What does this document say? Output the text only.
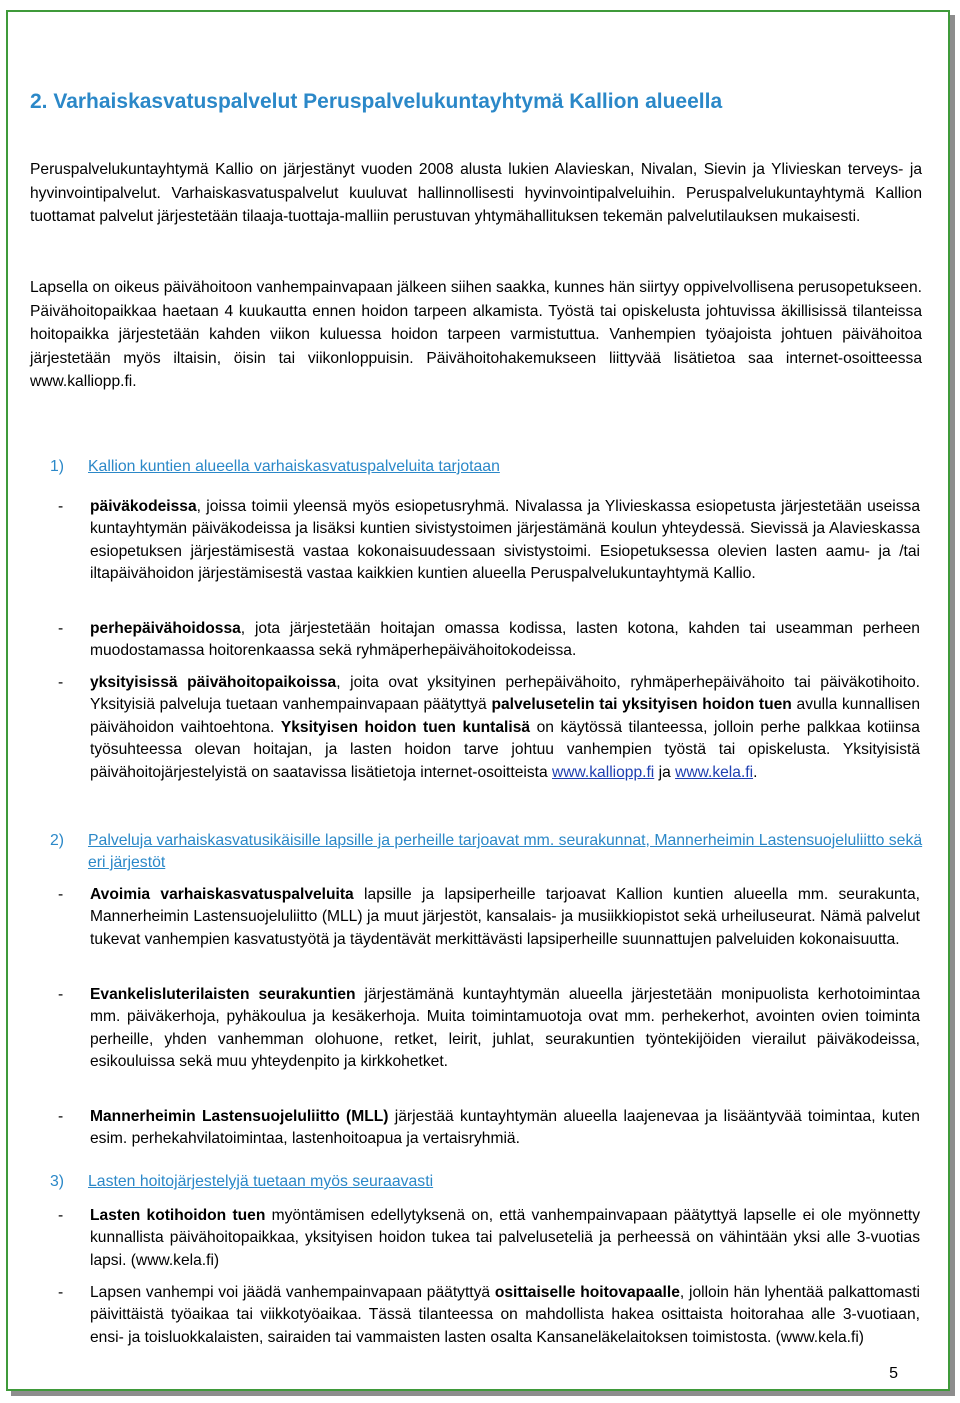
2. Varhaiskasvatuspalvelut Peruspalvelukuntayhtymä Kallion alueella

Peruspalvelukuntayhtymä Kallio on järjestänyt vuoden 2008 alusta lukien Alavieskan, Nivalan, Sievin ja Ylivieskan terveys- ja hyvinvointipalvelut. Varhaiskasvatuspalvelut kuuluvat hallinnollisesti hyvinvointipalveluihin. Peruspalvelukuntayhtymä Kallion tuottamat palvelut järjestetään tilaaja-tuottaja-malliin perustuvan yhtymähallituksen tekemän palvelutilauksen mukaisesti.

Lapsella on oikeus päivähoitoon vanhempainvapaan jälkeen siihen saakka, kunnes hän siirtyy oppivelvollisena perusopetukseen. Päivähoitopaikkaa haetaan 4 kuukautta ennen hoidon tarpeen alkamista. Työstä tai opiskelusta johtuvissa äkillisissä tilanteissa hoitopaikka järjestetään kahden viikon kuluessa hoidon tarpeen varmistuttua. Vanhempien työajoista johtuen päivähoitoa järjestetään myös iltaisin, öisin tai viikonloppuisin. Päivähoitohakemukseen liittyvää lisätietoa saa internet-osoitteessa www.kalliopp.fi.

1) Kallion kuntien alueella varhaiskasvatuspalveluita tarjotaan
- päiväkodeissa, joissa toimii yleensä myös esiopetusryhmä. Nivalassa ja Ylivieskassa esiopetusta järjestetään useissa kuntayhtymän päiväkodeissa ja lisäksi kuntien sivistystoimen järjestämänä koulun yhteydessä. Sievissä ja Alavieskassa esiopetuksen järjestämisestä vastaa kokonaisuudessaan sivistystoimi. Esiopetuksessa olevien lasten aamu- ja /tai iltapäivähoidon järjestämisestä vastaa kaikkien kuntien alueella Peruspalvelukuntayhtymä Kallio.
- perhepäivähoidossa, jota järjestetään hoitajan omassa kodissa, lasten kotona, kahden tai useamman perheen muodostamassa hoitorenkaassa sekä ryhmäperhepäivähoitokodeissa.
- yksityisissä päivähoitopaikoissa, joita ovat yksityinen perhepäivähoito, ryhmäperhepäivähoito tai päiväkotihoito. Yksityisiä palveluja tuetaan vanhempainvapaan päätyttyä palvelusetelin tai yksityisen hoidon tuen avulla kunnallisen päivähoidon vaihtoehtona. Yksityisen hoidon tuen kuntalisä on käytössä tilanteessa, jolloin perhe palkkaa kotiinsa työsuhteessa olevan hoitajan, ja lasten hoidon tarve johtuu vanhempien työstä tai opiskelusta. Yksityisistä päivähoitojärjestelyistä on saatavissa lisätietoja internet-osoitteista www.kalliopp.fi ja www.kela.fi.
2)	Palveluja varhaiskasvatusikäisille lapsille ja perheille tarjoavat mm. seurakunnat, Mannerheimin Lastensuojeluliitto sekä eri järjestöt
- Avoimia varhaiskasvatuspalveluita lapsille ja lapsiperheille tarjoavat Kallion kuntien alueella mm. seurakunta, Mannerheimin Lastensuojeluliitto (MLL) ja muut järjestöt, kansalais- ja musiikkiopistot sekä urheiluseurat. Nämä palvelut tukevat vanhempien kasvatustyötä ja täydentävät merkittävästi lapsiperheille suunnattujen palveluiden kokonaisuutta.
- Evankelisluterilaisten seurakuntien järjestämänä kuntayhtymän alueella järjestetään monipuolista kerhotoimintaa mm. päiväkerhoja, pyhäkoulua ja kesäkerhoja. Muita toimintamuotoja ovat mm. perhekerhot, avointen ovien toiminta perheille, yhden vanhemman olohuone, retket, leirit, juhlat, seurakuntien työntekijöiden vierailut päiväkodeissa, esikouluissa sekä muu yhteydenpito ja kirkkohetket.
- Mannerheimin Lastensuojeluliitto (MLL) järjestää kuntayhtymän alueella laajenevaa ja lisääntyvää toimintaa, kuten esim. perhekahvilatoimintaa, lastenhoitoapua ja vertaisryhmiä.
3) Lasten hoitojärjestelyjä tuetaan myös seuraavasti
- Lasten kotihoidon tuen myöntämisen edellytyksenä on, että vanhempainvapaan päätyttyä lapselle ei ole myönnetty kunnallista päivähoitopaikkaa, yksityisen hoidon tukea tai palveluseteliä ja perheessä on vähintään yksi alle 3-vuotias lapsi. (www.kela.fi)
- Lapsen vanhempi voi jäädä vanhempainvapaan päätyttyä osittaiselle hoitovapaalle, jolloin hän lyhentää palkattomasti päivittäistä työaikaa tai viikkotyöaikaa. Tässä tilanteessa on mahdollista hakea osittaista hoitorahaa alle 3-vuotiaan, ensi- ja toisluokkalaisten, sairaiden tai vammaisten lasten osalta Kansaneläkelaitoksen toimistosta. (www.kela.fi)
5
